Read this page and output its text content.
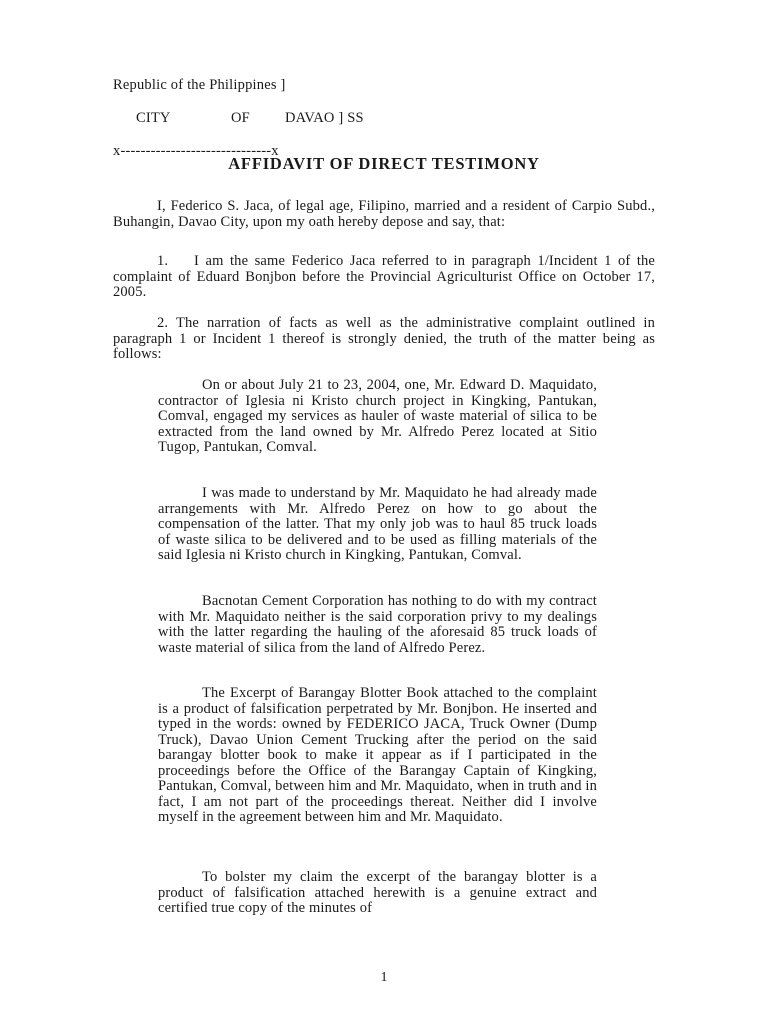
Republic of the Philippines ]

CITY	OF DAVAO ] SS

x------------------------------x
AFFIDAVIT OF DIRECT TESTIMONY
I, Federico S. Jaca, of legal age, Filipino, married and a resident of Carpio Subd., Buhangin, Davao City, upon my oath hereby depose and say, that:
1.    I am the same Federico Jaca referred to in paragraph 1/Incident 1 of the complaint of Eduard Bonjbon before the Provincial Agriculturist Office on October 17, 2005.
2. The narration of facts as well as the administrative complaint outlined in paragraph 1 or Incident 1 thereof is strongly denied, the truth of the matter being as follows:
On or about July 21 to 23, 2004, one, Mr. Edward D. Maquidato, contractor of Iglesia ni Kristo church project in Kingking, Pantukan, Comval, engaged my services as hauler of waste material of silica to be extracted from the land owned by Mr. Alfredo Perez located at Sitio Tugop, Pantukan, Comval.
I was made to understand by Mr. Maquidato he had already made arrangements with Mr. Alfredo Perez on how to go about the compensation of the latter. That my only job was to haul 85 truck loads of waste silica to be delivered and to be used as filling materials of the said Iglesia ni Kristo church in Kingking, Pantukan, Comval.
Bacnotan Cement Corporation has nothing to do with my contract with Mr. Maquidato neither is the said corporation privy to my dealings with the latter regarding the hauling of the aforesaid 85 truck loads of waste material of silica from the land of Alfredo Perez.
The Excerpt of Barangay Blotter Book attached to the complaint is a product of falsification perpetrated by Mr. Bonjbon. He inserted and typed in the words: owned by FEDERICO JACA, Truck Owner (Dump Truck), Davao Union Cement Trucking after the period on the said barangay blotter book to make it appear as if I participated in the proceedings before the Office of the Barangay Captain of Kingking, Pantukan, Comval, between him and Mr. Maquidato, when in truth and in fact, I am not part of the proceedings thereat. Neither did I involve myself in the agreement between him and Mr. Maquidato.
To bolster my claim the excerpt of the barangay blotter is a product of falsification attached herewith is a genuine extract and certified true copy of the minutes of
1
